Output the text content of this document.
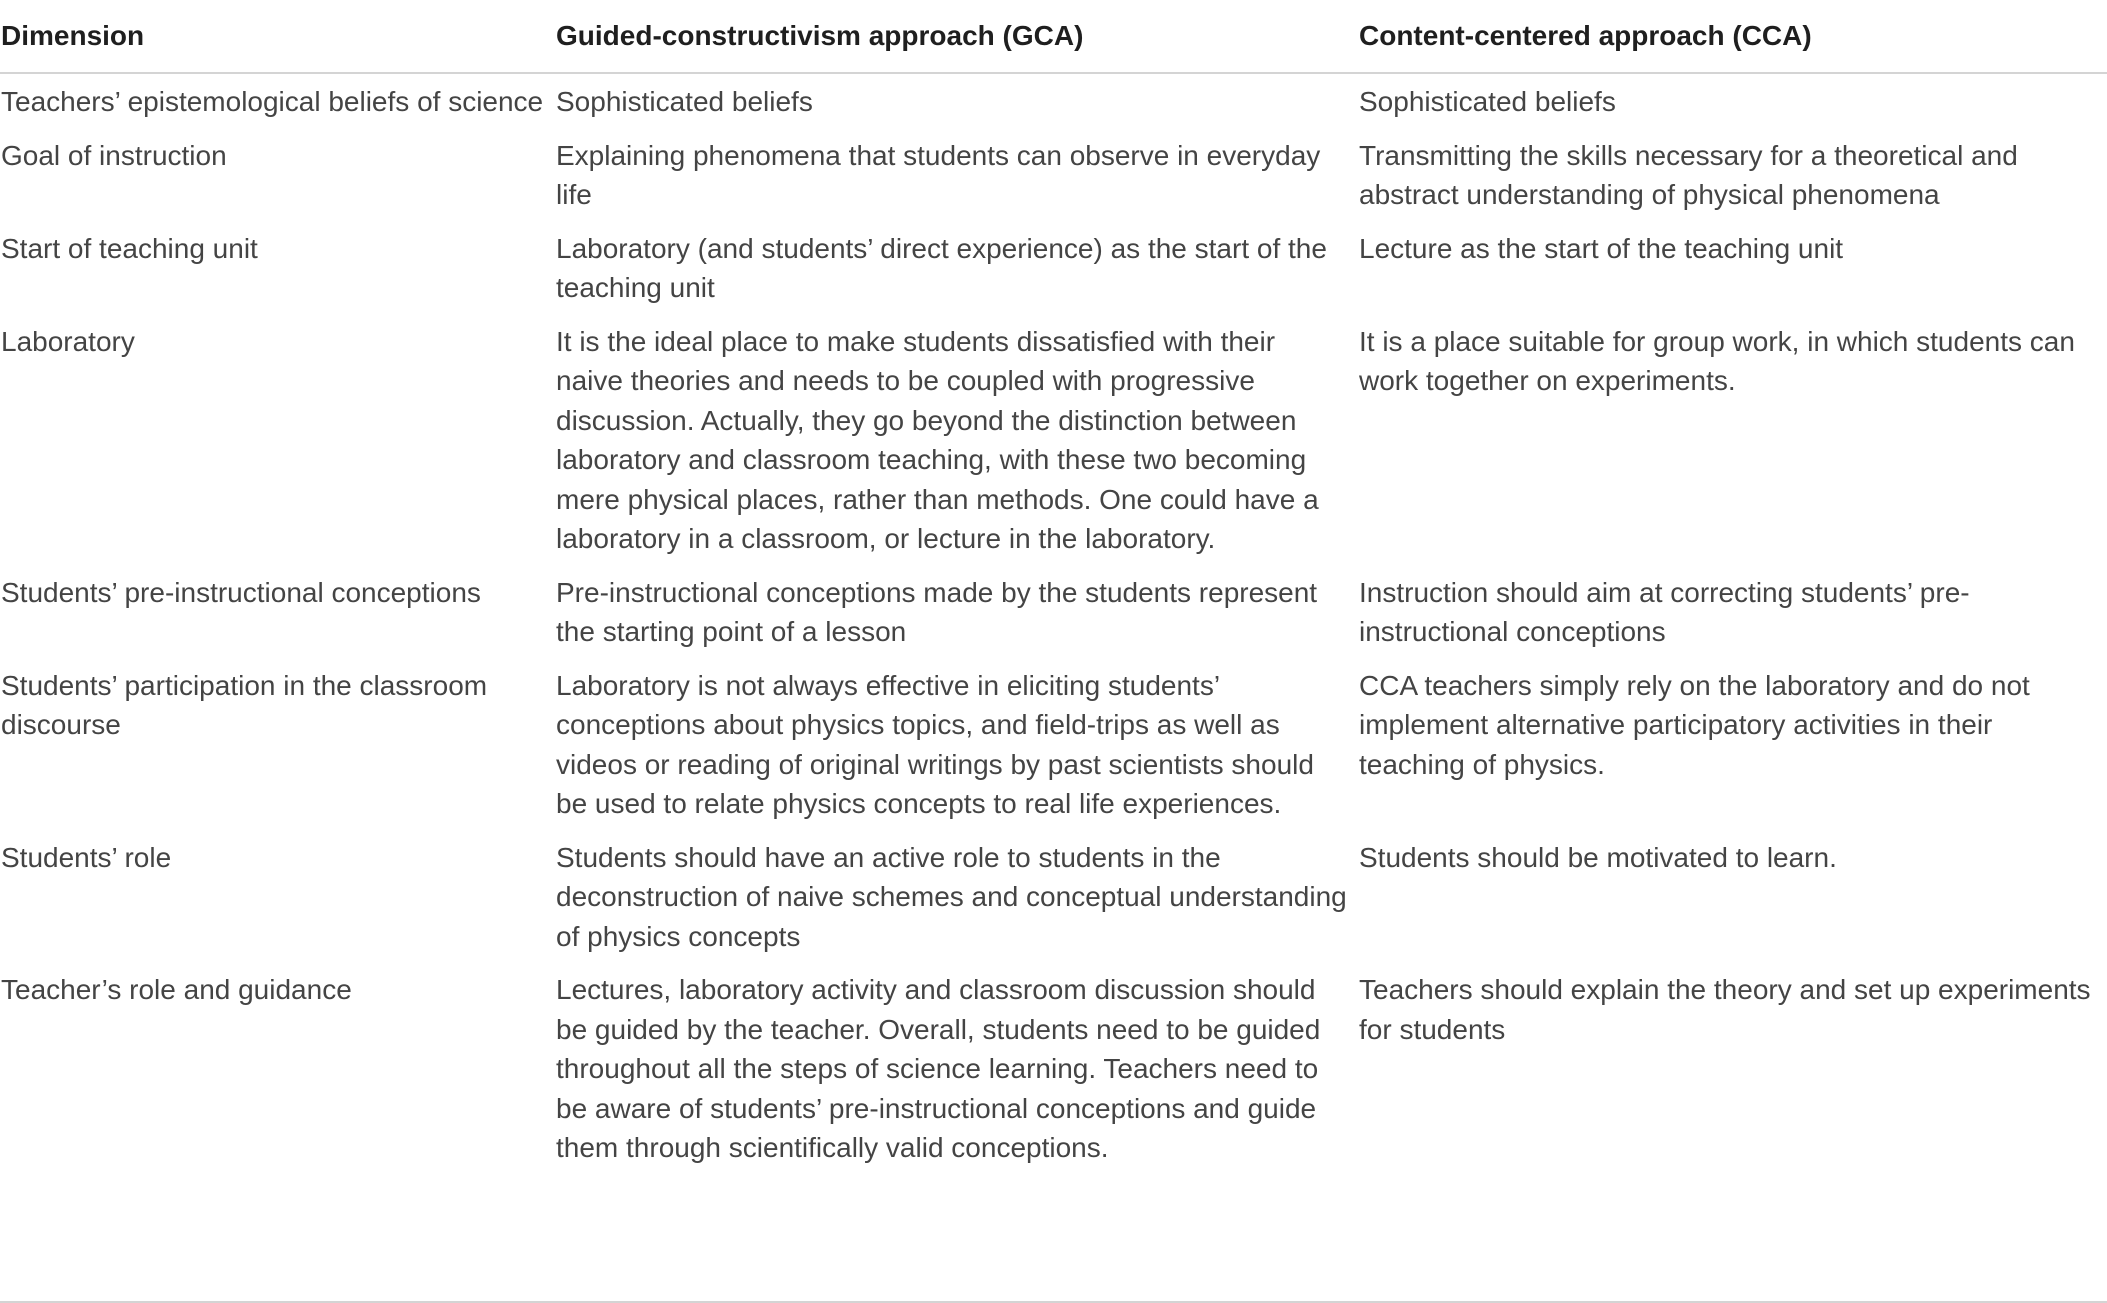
Dimension	Guided-constructivism approach (GCA)	Content-centered approach (CCA)

Teachers’ epistemological beliefs of science	Sophisticated beliefs	Sophisticated beliefs

Goal of instruction	Explaining phenomena that students can observe in everyday life	Transmitting the skills necessary for a theoretical and abstract understanding of physical phenomena

Start of teaching unit	Laboratory (and students’ direct experience) as the start of the teaching unit	Lecture as the start of the teaching unit

Laboratory	It is the ideal place to make students dissatisfied with their naive theories and needs to be coupled with progressive discussion. Actually, they go beyond the distinction between laboratory and classroom teaching, with these two becoming mere physical places, rather than methods. One could have a laboratory in a classroom, or lecture in the laboratory.	It is a place suitable for group work, in which students can work together on experiments.

Students’ pre-instructional conceptions	Pre-instructional conceptions made by the students represent the starting point of a lesson	Instruction should aim at correcting students’ pre-instructional conceptions

Students’ participation in the classroom discourse	Laboratory is not always effective in eliciting students’ conceptions about physics topics, and field-trips as well as videos or reading of original writings by past scientists should be used to relate physics concepts to real life experiences.	CCA teachers simply rely on the laboratory and do not implement alternative participatory activities in their teaching of physics.

Students’ role	Students should have an active role to students in the deconstruction of naive schemes and conceptual understanding of physics concepts	Students should be motivated to learn.

Teacher’s role and guidance	Lectures, laboratory activity and classroom discussion should be guided by the teacher. Overall, students need to be guided throughout all the steps of science learning. Teachers need to be aware of students’ pre-instructional conceptions and guide them through scientifically valid conceptions.	Teachers should explain the theory and set up experiments for students
